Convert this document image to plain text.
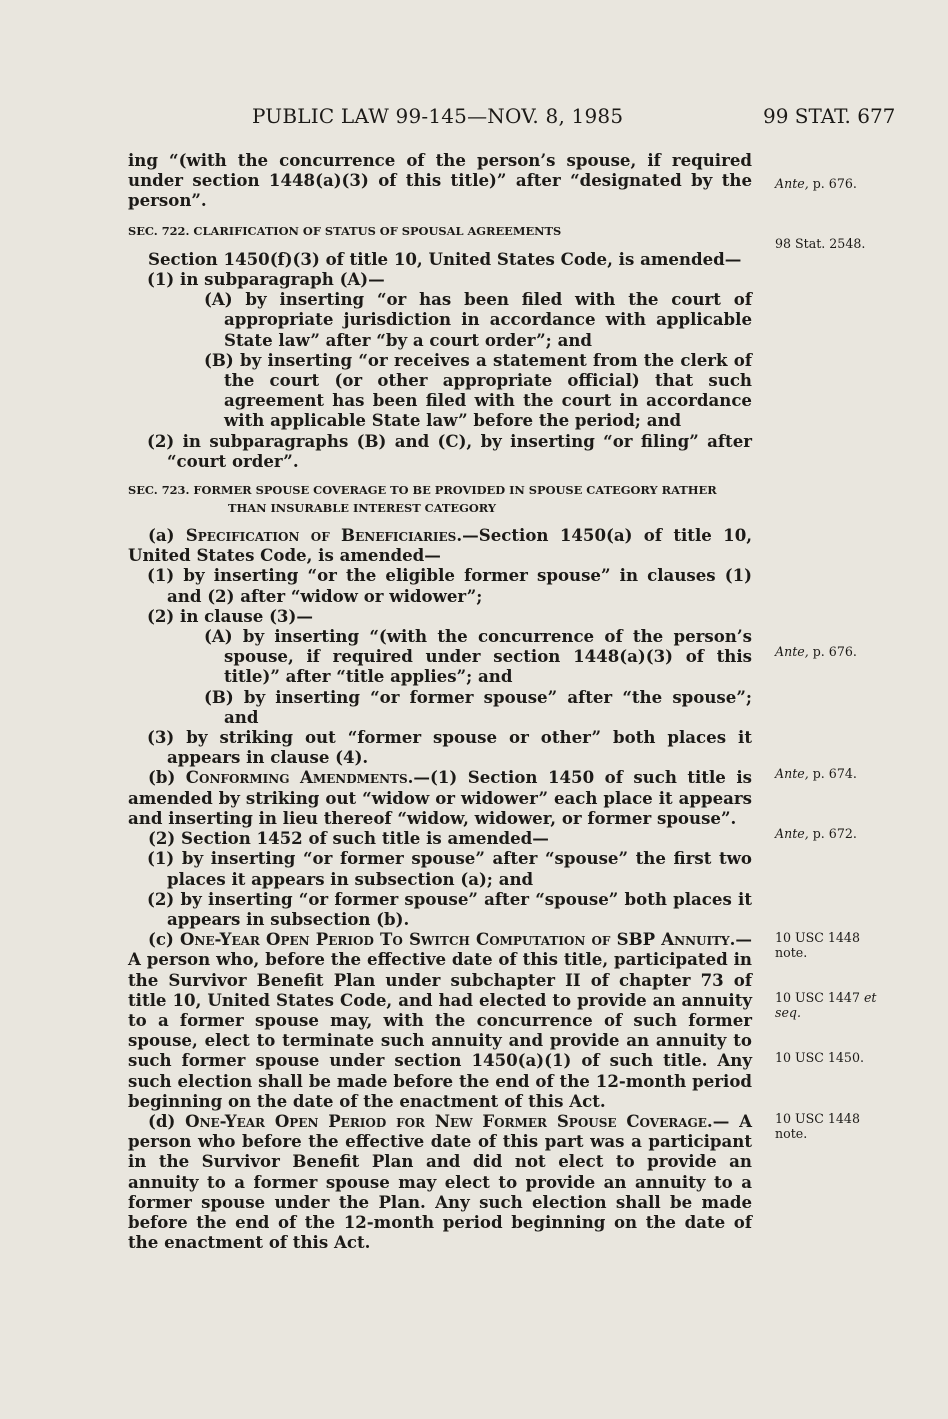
PUBLIC LAW 99-145—NOV. 8, 1985	99 STAT. 677

ing “(with the concurrence of the person’s spouse, if required under section 1448(a)(3) of this title)” after “designated by the person”.

SEC. 722. CLARIFICATION OF STATUS OF SPOUSAL AGREEMENTS

Section 1450(f)(3) of title 10, United States Code, is amended—

(1) in subparagraph (A)—

(A) by inserting “or has been filed with the court of appropriate jurisdiction in accordance with applicable State law” after “by a court order”; and

(B) by inserting “or receives a statement from the clerk of the court (or other appropriate official) that such agreement has been filed with the court in accordance with applicable State law” before the period; and

(2) in subparagraphs (B) and (C), by inserting “or filing” after “court order”.

SEC. 723. FORMER SPOUSE COVERAGE TO BE PROVIDED IN SPOUSE CATEGORY RATHER THAN INSURABLE INTEREST CATEGORY

(a) Specification of Beneficiaries.—Section 1450(a) of title 10, United States Code, is amended—

(1) by inserting “or the eligible former spouse” in clauses (1) and (2) after “widow or widower”;

(2) in clause (3)—

(A) by inserting “(with the concurrence of the person’s spouse, if required under section 1448(a)(3) of this title)” after “title applies”; and

(B) by inserting “or former spouse” after “the spouse”; and

(3) by striking out “former spouse or other” both places it appears in clause (4).

(b) Conforming Amendments.—(1) Section 1450 of such title is amended by striking out “widow or widower” each place it appears and inserting in lieu thereof “widow, widower, or former spouse”.

(2) Section 1452 of such title is amended—

(1) by inserting “or former spouse” after “spouse” the first two places it appears in subsection (a); and

(2) by inserting “or former spouse” after “spouse” both places it appears in subsection (b).

(c) One-Year Open Period To Switch Computation of SBP Annuity.—A person who, before the effective date of this title, participated in the Survivor Benefit Plan under subchapter II of chapter 73 of title 10, United States Code, and had elected to provide an annuity to a former spouse may, with the concurrence of such former spouse, elect to terminate such annuity and provide an annuity to such former spouse under section 1450(a)(1) of such title. Any such election shall be made before the end of the 12-month period beginning on the date of the enactment of this Act.

(d) One-Year Open Period for New Former Spouse Coverage.— A person who before the effective date of this part was a participant in the Survivor Benefit Plan and did not elect to provide an annuity to a former spouse may elect to provide an annuity to a former spouse under the Plan. Any such election shall be made before the end of the 12-month period beginning on the date of the enactment of this Act.

Ante, p. 676.
98 Stat. 2548.
Ante, p. 676.
Ante, p. 674.
Ante, p. 672.
10 USC 1448
note.
10 USC 1447 et
seq.
10 USC 1450.
10 USC 1448
note.
